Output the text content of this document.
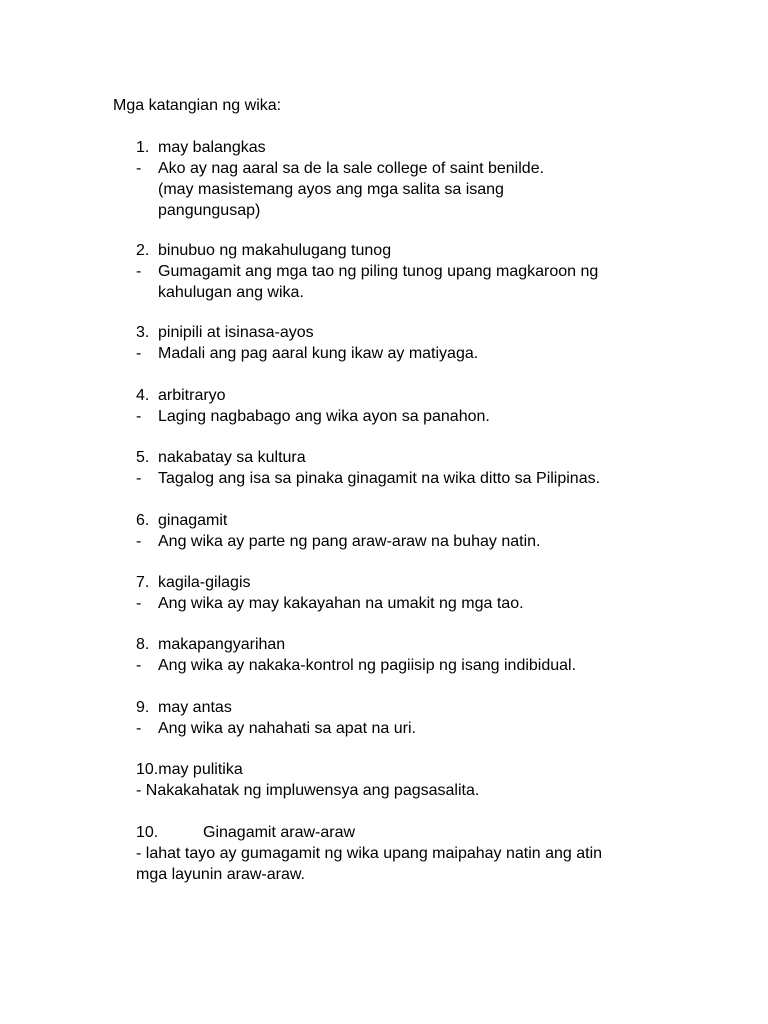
Mga katangian ng wika:
1. may balangkas
- Ako ay nag aaral sa de la sale college of saint benilde.
(may masistemang ayos ang mga salita sa isang
pangungusap)
2. binubuo ng makahulugang tunog
- Gumagamit ang mga tao ng piling tunog upang magkaroon ng
kahulugan ang wika.
3. pinipili at isinasa-ayos
- Madali ang pag aaral kung ikaw ay matiyaga.
4. arbitraryo
- Laging nagbabago ang wika ayon sa panahon.
5. nakabatay sa kultura
- Tagalog ang isa sa pinaka ginagamit na wika ditto sa Pilipinas.
6. ginagamit
- Ang wika ay parte ng pang araw-araw na buhay natin.
7. kagila-gilagis
- Ang wika ay may kakayahan na umakit ng mga tao.
8. makapangyarihan
- Ang wika ay nakaka-kontrol ng pagiisip ng isang indibidual.
9. may antas
- Ang wika ay nahahati sa apat na uri.
10.may pulitika
- Nakakahatak ng impluwensya ang pagsasalita.
10.	Ginagamit araw-araw
- lahat tayo ay gumagamit ng wika upang maipahay natin ang atin
mga layunin araw-araw.
